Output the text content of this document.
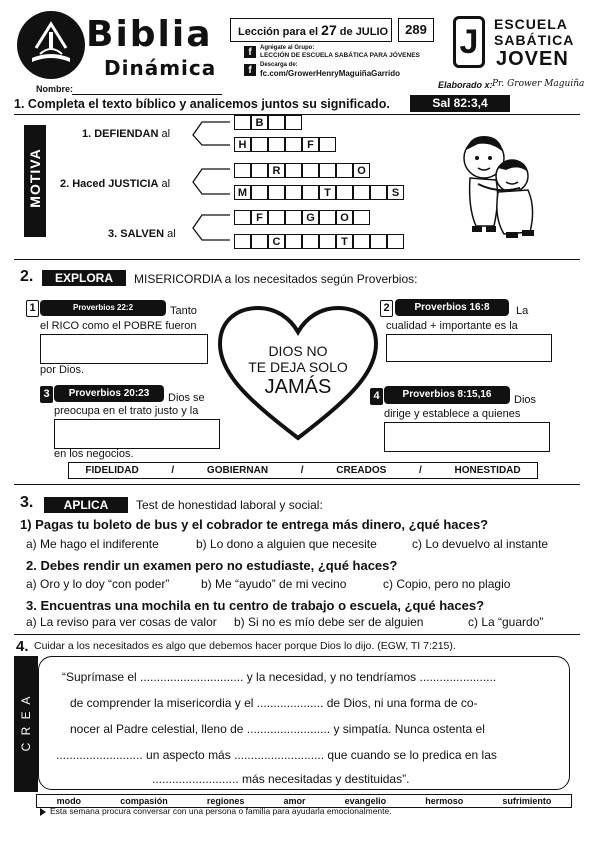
Biblia
Dinámica
Nombre:
Lección para el 27 de JULIO	289
f	Agrégate al Grupo:
LECCIÓN DE ESCUELA SABÁTICA PARA JÓVENES
f	Descarga de:
fc.com/GrowerHenryMaguiñaGarrido
J	ESCUELA
SABÁTICA
JOVEN
Elaborado x: Pr. Grower Maguiña
1. Completa el texto bíblico y analicemos juntos su significado.	Sal 82:3,4
MOTIVA
1. DEFIENDAN al
2. Haced JUSTICIA al
3. SALVEN al
B
H	F
R	O
M	T	S
F	G	O
C	T
2.	EXPLORA	MISERICORDIA a los necesitados según Proverbios:
1	Proverbios 22:2	Tanto
el RICO como el POBRE fueron
por Dios.
2	Proverbios 16:8	La
cualidad + importante es la
DIOS NO
TE DEJA SOLO
JAMÁS
3	Proverbios 20:23	Dios se
preocupa en el trato justo y la
en los negocios.
4	Proverbios 8:15,16	Dios
dirige y establece a quienes
FIDELIDAD	/	GOBIERNAN	/	CREADOS	/	HONESTIDAD
3.	APLICA	Test de honestidad laboral y social:
1) Pagas tu boleto de bus y el cobrador te entrega más dinero, ¿qué haces?
a) Me hago el indiferente	b) Lo dono a alguien que necesite	c) Lo devuelvo al instante
2. Debes rendir un examen pero no estudiaste, ¿qué haces?
a) Oro y lo doy “con poder”	b) Me “ayudo” de mi vecino	c) Copio, pero no plagio
3. Encuentras una mochila en tu centro de trabajo o escuela, ¿qué haces?
a) La reviso para ver cosas de valor b) Si no es mío debe ser de alguien	c) La “guardo”
4. Cuidar a los necesitados es algo que debemos hacer porque Dios lo dijo. (EGW, TI 7:215).
C R E A
“Suprímase el ............................... y la necesidad, y no tendríamos .......................
de comprender la misericordia y el .................... de Dios, ni una forma de co-
nocer al Padre celestial, lleno de ......................... y simpatía. Nunca ostenta el
.......................... un aspecto más ........................... que cuando se lo predica en las
.......................... más necesitadas y destituidas”.
modo	compasión	regiones	amor	evangelio	hermoso	sufrimiento
Esta semana procura conversar con una persona o familia para ayudarla emocionalmente.
